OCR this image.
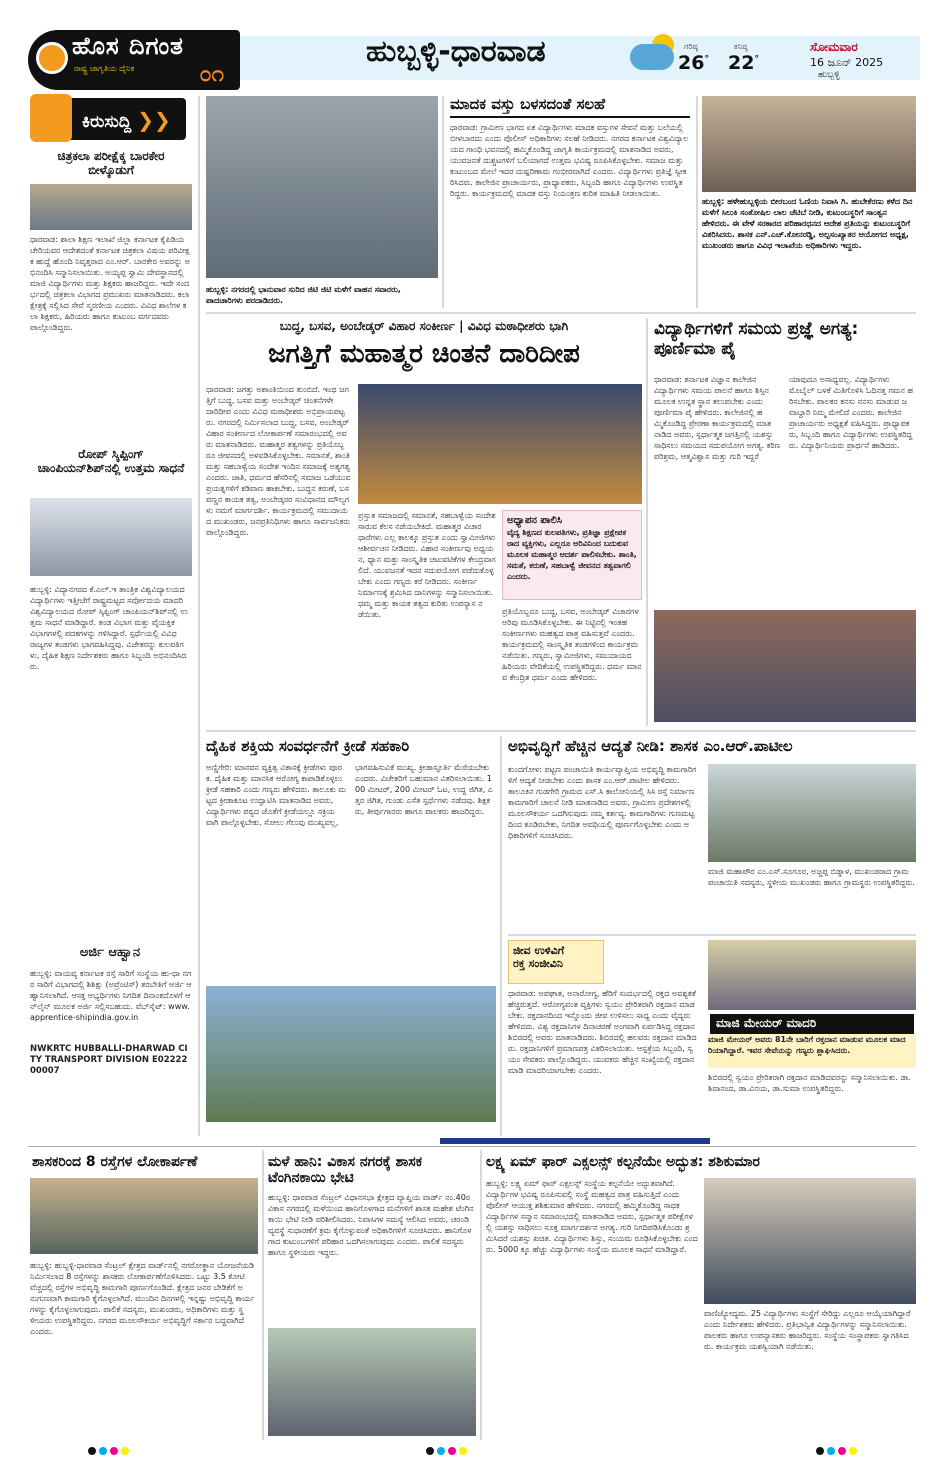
ಹೊಸ ದಿಗಂತ
ರಾಷ್ಟ್ರ ಜಾಗೃತಿಯ ದೈನಿಕ	೦೧
ಹುಬ್ಬಳ್ಳಿ-ಧಾರವಾಡ	ಗರಿಷ್ಠ
26°
ಕನಿಷ್ಠ
22°
ಸೋಮವಾರ
16 ಜೂನ್ 2025
ಹುಬ್ಬಳ್ಳಿ
ಕಿರುಸುದ್ದಿ ❯❯
ಚಿತ್ರಕಲಾ ಪರೀಕ್ಷೆಕ್ಕ ಬಾರಕೇರ ಬೀಳ್ಕೊಡುಗೆ
ಧಾರವಾಡ: ಶಾಲಾ ಶಿಕ್ಷಣ ಇಲಾಖೆ ಜಿಲ್ಲಾ ಕರ್ನಾಟಕ ಕೈಪಿಡಿಯ ಚೇರಿಯವರ ಆದೇಶದಂತೆ ಕರ್ನಾಟಕ ಚಿತ್ರಕಲಾ ವಿಷಯ ಪರಿವೀಕ್ಷಕ ಹುದ್ದೆ ಹೊಂದಿ ನಿವೃತ್ತರಾದ ಎಂ.ಆರ್. ಬಾರಕೇರ ಅವರನ್ನು ಅಭಿನಂದಿಸಿ ಸನ್ಮಾನಿಸಲಾಯಿತು. ಅಯ್ಯಪ್ಪ ಸ್ವಾಮಿ ದೇವಸ್ಥಾನದಲ್ಲಿ ಮಾಜಿ ವಿದ್ಯಾರ್ಥಿಗಳು ಮತ್ತು ಶಿಕ್ಷಕರು ಹಾಜರಿದ್ದರು. ಇದೇ ಸಂದರ್ಭದಲ್ಲಿ ಚಿತ್ರಕಲಾ ವಿಭಾಗದ ಪ್ರಮುಖರು ಮಾತನಾಡಿದರು. ಕಲಾ ಕ್ಷೇತ್ರಕ್ಕೆ ಸಲ್ಲಿಸಿದ ಸೇವೆ ಸ್ಮರಣೀಯ ಎಂದರು. ವಿವಿಧ ಶಾಲೆಗಳ ಕಲಾ ಶಿಕ್ಷಕರು, ಹಿರಿಯರು ಹಾಗೂ ಕುಟುಂಬ ವರ್ಗದವರು ಪಾಲ್ಗೊಂಡಿದ್ದರು.
ರೋಪ್ ಸ್ಕಿಪ್ಪಿಂಗ್ ಚಾಂಪಿಯನ್‌ಶಿಪ್‌ನಲ್ಲಿ ಉತ್ತಮ ಸಾಧನೆ
ಹುಬ್ಬಳ್ಳಿ: ವಿದ್ಯಾನಗರದ ಕೆ.ಎಲ್.ಇ ತಾಂತ್ರಿಕ ವಿಶ್ವವಿದ್ಯಾಲಯದ ವಿದ್ಯಾರ್ಥಿಗಳು ಇತ್ತೀಚೆಗೆ ರಾಷ್ಟ್ರಮಟ್ಟದ ಸರ್ವೋದಯ ಮಾದರಿ ವಿಶ್ವವಿದ್ಯಾಲಯದ ರೋಪ್ ಸ್ಕಿಪ್ಪಿಂಗ್ ಚಾಂಪಿಯನ್‌ಶಿಪ್‌ನಲ್ಲಿ ಉತ್ತಮ ಸಾಧನೆ ಮಾಡಿದ್ದಾರೆ. ತಂಡ ವಿಭಾಗ ಮತ್ತು ವೈಯಕ್ತಿಕ ವಿಭಾಗಗಳಲ್ಲಿ ಪದಕಗಳನ್ನು ಗಳಿಸಿದ್ದಾರೆ. ಸ್ಪರ್ಧೆಯಲ್ಲಿ ವಿವಿಧ ರಾಜ್ಯಗಳ ತಂಡಗಳು ಭಾಗವಹಿಸಿದ್ದವು. ವಿಜೇತರನ್ನು ಕುಲಪತಿಗಳು, ದೈಹಿಕ ಶಿಕ್ಷಣ ನಿರ್ದೇಶಕರು ಹಾಗೂ ಸಿಬ್ಬಂದಿ ಅಭಿನಂದಿಸಿದರು.
ಅರ್ಜಿ ಆಹ್ವಾನ
ಹುಬ್ಬಳ್ಳಿ: ವಾಯವ್ಯ ಕರ್ನಾಟಕ ರಸ್ತೆ ಸಾರಿಗೆ ಸಂಸ್ಥೆಯ ಹು-ಧಾ ನಗರ ಸಾರಿಗೆ ವಿಭಾಗದಲ್ಲಿ ಶಿಶಿಕ್ಷು (ಅಪ್ರೆಂಟಿಸ್) ತರಬೇತಿಗೆ ಅರ್ಜಿ ಆಹ್ವಾನಿಸಲಾಗಿದೆ. ಆಸಕ್ತ ಅಭ್ಯರ್ಥಿಗಳು ನಿಗದಿತ ದಿನಾಂಕದೊಳಗೆ ಆನ್‌ಲೈನ್ ಮೂಲಕ ಅರ್ಜಿ ಸಲ್ಲಿಸಬಹುದು. ವೆಬ್‌ಸೈಟ್: www.apprentice-shipindia.gov.in
NWKRTC HUBBALLI-DHARWAD CITY TRANSPORT DIVISION E0222200007
ಹುಬ್ಬಳ್ಳಿ: ನಗರದಲ್ಲಿ ಭಾನುವಾರ ಸುರಿದ ಜಿಟಿ ಜಿಟಿ ಮಳೆಗೆ ವಾಹನ ಸವಾರರು, ಪಾದಚಾರಿಗಳು ಪರದಾಡಿದರು.
ಮಾದಕ ವಸ್ತು ಬಳಸದಂತೆ ಸಲಹೆ
ಧಾರವಾಡ: ಗ್ರಾಮೀಣ ಭಾಗದ ಏಕ ವಿದ್ಯಾರ್ಥಿಗಳು ಮಾದಕ ವಸ್ತುಗಳ ಸೇವನೆ ಮತ್ತು ಬಲೆಯಲ್ಲಿ ಬೀಳಬಾರದು ಎಂದು ಪೊಲೀಸ್ ಅಧಿಕಾರಿಗಳು ಸಲಹೆ ನೀಡಿದರು. ನಗರದ ಕರ್ನಾಟಕ ವಿಶ್ವವಿದ್ಯಾಲಯದ ಗಾಂಧಿ ಭವನದಲ್ಲಿ ಹಮ್ಮಿಕೊಂಡಿದ್ದ ಜಾಗೃತಿ ಕಾರ್ಯಕ್ರಮದಲ್ಲಿ ಮಾತನಾಡಿದ ಅವರು, ಯುವಜನತೆ ದುಶ್ಚಟಗಳಿಗೆ ಬಲಿಯಾಗದೆ ಉತ್ತಮ ಭವಿಷ್ಯ ರೂಪಿಸಿಕೊಳ್ಳಬೇಕು. ಸಮಾಜ ಮತ್ತು ಕುಟುಂಬದ ಮೇಲೆ ಇದರ ದುಷ್ಪರಿಣಾಮ ಗಂಭೀರವಾಗಿದೆ ಎಂದರು. ವಿದ್ಯಾರ್ಥಿಗಳು ಪ್ರತಿಜ್ಞೆ ಸ್ವೀಕರಿಸಿದರು. ಕಾಲೇಜಿನ ಪ್ರಾಚಾರ್ಯರು, ಪ್ರಾಧ್ಯಾಪಕರು, ಸಿಬ್ಬಂದಿ ಹಾಗೂ ವಿದ್ಯಾರ್ಥಿಗಳು ಉಪಸ್ಥಿತರಿದ್ದರು. ಕಾರ್ಯಕ್ರಮದಲ್ಲಿ ಮಾದಕ ವಸ್ತು ನಿಯಂತ್ರಣ ಕುರಿತ ಮಾಹಿತಿ ನೀಡಲಾಯಿತು.
ಹುಬ್ಬಳ್ಳಿ: ಹಳೇಹುಬ್ಬಳ್ಳಿಯ ಬೀರಬಂದ ಓಣಿಯ ನಿವಾಸಿ ಗಿ. ಹುಬೇಕೆರಣು ಕಳೆದ ದಿನ ಮಳೆಗೆ ಸಿಲುಕಿ ಸಂತೋಷಿಲ ಲಾಲ ಚೆಟಿಬೆ ನೀಡಿ, ಕುಟುಂಬಸ್ಥರಿಗೆ ಸಾಂತ್ವನ ಹೇಳಿದರು. ಈ ವೇಳೆ ಸರಕಾರದ ಪರಿಹಾರಧನದ ಆದೇಶ ಪ್ರತಿಯನ್ನು ಕುಟುಂಬಸ್ಥರಿಗೆ ವಿತರಿಸಿದರು. ಶಾಸಕ ಎನ್.ಎಚ್.ಕೋನರಡ್ಡಿ, ಅಲ್ಪಸಂಖ್ಯಾತರ ಆಯೋಗದ ಅಧ್ಯಕ್ಷ, ಮುಖಂಡರು ಹಾಗೂ ವಿವಿಧ ಇಲಾಖೆಯ ಅಧಿಕಾರಿಗಳು ಇದ್ದರು.
ಬುದ್ಧ, ಬಸವ, ಅಂಬೇಡ್ಕರ್ ವಿಹಾರ ಸಂಕೀರ್ಣ | ವಿವಿಧ ಮಠಾಧೀಶರು ಭಾಗಿ
ಜಗತ್ತಿಗೆ ಮಹಾತ್ಮರ ಚಿಂತನೆ ದಾರಿದೀಪ
ಧಾರವಾಡ: ಜಗತ್ತು ಅಶಾಂತಿಯಿಂದ ತುಂಬಿದೆ. ಇಂಥ ಜಗತ್ತಿಗೆ ಬುದ್ಧ, ಬಸವ ಮತ್ತು ಅಂಬೇಡ್ಕರ್ ಚಿಂತನೆಗಳೇ ದಾರಿದೀಪ ಎಂದು ವಿವಿಧ ಮಠಾಧೀಶರು ಅಭಿಪ್ರಾಯಪಟ್ಟರು. ನಗರದಲ್ಲಿ ನಿರ್ಮಿಸಲಾದ ಬುದ್ಧ, ಬಸವ, ಅಂಬೇಡ್ಕರ್ ವಿಹಾರ ಸಂಕೀರ್ಣದ ಲೋಕಾರ್ಪಣೆ ಸಮಾರಂಭದಲ್ಲಿ ಅವರು ಮಾತನಾಡಿದರು. ಮಹಾತ್ಮರ ತತ್ವಗಳನ್ನು ಪ್ರತಿಯೊಬ್ಬರೂ ಜೀವನದಲ್ಲಿ ಅಳವಡಿಸಿಕೊಳ್ಳಬೇಕು. ಸಮಾನತೆ, ಶಾಂತಿ ಮತ್ತು ಸಹಬಾಳ್ವೆಯ ಸಂದೇಶ ಇಂದಿನ ಸಮಾಜಕ್ಕೆ ಅತ್ಯಗತ್ಯ ಎಂದರು. ಜಾತಿ, ಧರ್ಮದ ಹೆಸರಿನಲ್ಲಿ ಸಮಾಜ ಒಡೆಯುವ ಪ್ರಯತ್ನಗಳಿಗೆ ಕಡಿವಾಣ ಹಾಕಬೇಕು. ಬುದ್ಧನ ಕರುಣೆ, ಬಸವಣ್ಣನ ಕಾಯಕ ತತ್ವ, ಅಂಬೇಡ್ಕರರ ಸಂವಿಧಾನದ ಮೌಲ್ಯಗಳು ನಮಗೆ ಮಾರ್ಗದರ್ಶಿ. ಕಾರ್ಯಕ್ರಮದಲ್ಲಿ ಸಮುದಾಯದ ಮುಖಂಡರು, ಜನಪ್ರತಿನಿಧಿಗಳು ಹಾಗೂ ಸಾರ್ವಜನಿಕರು ಪಾಲ್ಗೊಂಡಿದ್ದರು.
ಪ್ರಸ್ತುತ ಸಮಾಜದಲ್ಲಿ ಸಮಾನತೆ, ಸಹಬಾಳ್ವೆಯ ಸಂದೇಶ ಸಾರುವ ಕೆಲಸ ನಡೆಯಬೇಕಿದೆ. ಮಹಾತ್ಮರ ವಿಚಾರಧಾರೆಗಳು ಎಲ್ಲ ಕಾಲಕ್ಕೂ ಪ್ರಸ್ತುತ ಎಂದು ಸ್ವಾಮೀಜಿಗಳು ಆಶೀರ್ವಚನ ನೀಡಿದರು. ವಿಹಾರ ಸಂಕೀರ್ಣವು ಅಧ್ಯಯನ, ಧ್ಯಾನ ಮತ್ತು ಸಾಂಸ್ಕೃತಿಕ ಚಟುವಟಿಕೆಗಳ ಕೇಂದ್ರವಾಗಲಿದೆ. ಯುವಜನತೆ ಇದರ ಸದುಪಯೋಗ ಪಡೆದುಕೊಳ್ಳಬೇಕು ಎಂದು ಗಣ್ಯರು ಕರೆ ನೀಡಿದರು. ಸಂಕೀರ್ಣ ನಿರ್ಮಾಣಕ್ಕೆ ಶ್ರಮಿಸಿದ ದಾನಿಗಳನ್ನು ಸನ್ಮಾನಿಸಲಾಯಿತು. ಧಮ್ಮ ಮತ್ತು ಕಾಯಕ ತತ್ವದ ಕುರಿತು ಉಪನ್ಯಾಸ ನಡೆಯಿತು.
ಅಧ್ಯಾಪನ ಪಾಲಿಸಿ
ವೈದ್ಯ ಶಿಕ್ಷಣದ ಕುಲಪತಿಗಳು, ಪ್ರತಿಜ್ಞಾ ಪ್ರಕ್ಷೇಪಕರಾದ ವ್ಯಕ್ತಿಗಳು, ಎಲ್ಲರೂ ಅರಿವಿನಿಂದ ಬದುಕುವ ಮೂಲಕ ಮಹಾತ್ಮರ ಆದರ್ಶ ಪಾಲಿಸಬೇಕು. ಶಾಂತಿ, ಸಮತೆ, ಕರುಣೆ, ಸಹಬಾಳ್ವೆ ಜೀವನದ ತತ್ವವಾಗಲಿ ಎಂದರು.
ಪ್ರತಿಯೊಬ್ಬರೂ ಬುದ್ಧ, ಬಸವ, ಅಂಬೇಡ್ಕರ್ ವಿಚಾರಗಳ ಅರಿವು ಮೂಡಿಸಿಕೊಳ್ಳಬೇಕು. ಈ ನಿಟ್ಟಿನಲ್ಲಿ ಇಂತಹ ಸಂಕೀರ್ಣಗಳು ಮಹತ್ವದ ಪಾತ್ರ ವಹಿಸುತ್ತವೆ ಎಂದರು. ಕಾರ್ಯಕ್ರಮದಲ್ಲಿ ಸಾಂಸ್ಕೃತಿಕ ತಂಡಗಳಿಂದ ಕಾರ್ಯಕ್ರಮ ನಡೆಯಿತು. ಗಣ್ಯರು, ಸ್ವಾಮೀಜಿಗಳು, ಸಮುದಾಯದ ಹಿರಿಯರು ವೇದಿಕೆಯಲ್ಲಿ ಉಪಸ್ಥಿತರಿದ್ದರು. ಧರ್ಮ ಮಾನವ ಕೇಂದ್ರಿತ ಧರ್ಮ ಎಂದು ಹೇಳಿದರು.
ವಿದ್ಯಾರ್ಥಿಗಳಿಗೆ ಸಮಯ ಪ್ರಜ್ಞೆ ಅಗತ್ಯ: ಪೂರ್ಣಿಮಾ ಪೈ
ಧಾರವಾಡ: ಕರ್ನಾಟಕ ವಿಜ್ಞಾನ ಕಾಲೇಜಿನ ವಿದ್ಯಾರ್ಥಿಗಳು ಸಮಯ ಪಾಲನೆ ಹಾಗೂ ಶಿಸ್ತಿನ ಮೂಲಕ ಉನ್ನತ ಸ್ಥಾನ ತಲುಪಬೇಕು ಎಂದು ಪೂರ್ಣಿಮಾ ಪೈ ಹೇಳಿದರು. ಕಾಲೇಜಿನಲ್ಲಿ ಹಮ್ಮಿಕೊಂಡಿದ್ದ ಪ್ರೇರಣಾ ಕಾರ್ಯಕ್ರಮದಲ್ಲಿ ಮಾತನಾಡಿದ ಅವರು, ಸ್ಪರ್ಧಾತ್ಮಕ ಜಗತ್ತಿನಲ್ಲಿ ಯಶಸ್ಸು ಸಾಧಿಸಲು ಸಮಯದ ಸದುಪಯೋಗ ಅಗತ್ಯ. ಕಠಿಣ ಪರಿಶ್ರಮ, ಆತ್ಮವಿಶ್ವಾಸ ಮತ್ತು ಗುರಿ ಇದ್ದರೆ ಯಾವುದೂ ಅಸಾಧ್ಯವಲ್ಲ. ವಿದ್ಯಾರ್ಥಿಗಳು ಮೊಬೈಲ್ ಬಳಕೆ ಮಿತಿಗೊಳಿಸಿ ಓದಿನತ್ತ ಗಮನ ಹರಿಸಬೇಕು. ಪಾಲಕರ ಕನಸು ನನಸು ಮಾಡುವ ಜವಾಬ್ದಾರಿ ನಿಮ್ಮ ಮೇಲಿದೆ ಎಂದರು. ಕಾಲೇಜಿನ ಪ್ರಾಚಾರ್ಯರು ಅಧ್ಯಕ್ಷತೆ ವಹಿಸಿದ್ದರು. ಪ್ರಾಧ್ಯಾಪಕರು, ಸಿಬ್ಬಂದಿ ಹಾಗೂ ವಿದ್ಯಾರ್ಥಿಗಳು ಉಪಸ್ಥಿತರಿದ್ದರು. ವಿದ್ಯಾರ್ಥಿನಿಯರು ಪ್ರಾರ್ಥನೆ ಹಾಡಿದರು.
ದೈಹಿಕ ಶಕ್ತಿಯ ಸಂವರ್ಧನೆಗೆ ಕ್ರೀಡೆ ಸಹಕಾರಿ
ಅಣ್ಣಿಗೇರಿ: ಮಾನವನ ವ್ಯಕ್ತಿತ್ವ ವಿಕಾಸಕ್ಕೆ ಕ್ರೀಡೆಗಳು ಪೂರಕ. ದೈಹಿಕ ಮತ್ತು ಮಾನಸಿಕ ಆರೋಗ್ಯ ಕಾಪಾಡಿಕೊಳ್ಳಲು ಕ್ರೀಡೆ ಸಹಕಾರಿ ಎಂದು ಗಣ್ಯರು ಹೇಳಿದರು. ತಾಲೂಕು ಮಟ್ಟದ ಕ್ರೀಡಾಕೂಟ ಉದ್ಘಾಟಿಸಿ ಮಾತನಾಡಿದ ಅವರು, ವಿದ್ಯಾರ್ಥಿಗಳು ಪಠ್ಯದ ಜೊತೆಗೆ ಕ್ರೀಡೆಯಲ್ಲೂ ಸಕ್ರಿಯವಾಗಿ ಪಾಲ್ಗೊಳ್ಳಬೇಕು. ಸೋಲು ಗೆಲುವು ಮುಖ್ಯವಲ್ಲ, ಭಾಗವಹಿಸುವಿಕೆ ಮುಖ್ಯ. ಕ್ರೀಡಾಸ್ಫೂರ್ತಿ ಮೆರೆಯಬೇಕು ಎಂದರು. ವಿಜೇತರಿಗೆ ಬಹುಮಾನ ವಿತರಿಸಲಾಯಿತು. 100 ಮೀಟರ್, 200 ಮೀಟರ್ ಓಟ, ಉದ್ದ ಜಿಗಿತ, ಎತ್ತರ ಜಿಗಿತ, ಗುಂಡು ಎಸೆತ ಸ್ಪರ್ಧೆಗಳು ನಡೆದವು. ಶಿಕ್ಷಕರು, ತೀರ್ಪುಗಾರರು ಹಾಗೂ ಪಾಲಕರು ಹಾಜರಿದ್ದರು.
ಅಭಿವೃದ್ಧಿಗೆ ಹೆಚ್ಚಿನ ಆದ್ಯತೆ ನೀಡಿ: ಶಾಸಕ ಎಂ.ಆರ್.ಪಾಟೀಲ
ಕುಂದಗೋಳ: ಪಟ್ಟಣ ಪಂಚಾಯಿತಿ ಕಾರ್ಯವ್ಯಾಪ್ತಿಯ ಅಭಿವೃದ್ಧಿ ಕಾಮಗಾರಿಗಳಿಗೆ ಆದ್ಯತೆ ನೀಡಬೇಕು ಎಂದು ಶಾಸಕ ಎಂ.ಆರ್.ಪಾಟೀಲ ಹೇಳಿದರು. ತಾಲೂಕಿನ ಗುಡಗೇರಿ ಗ್ರಾಮದ ಎಸ್.ಸಿ ಕಾಲೋನಿಯಲ್ಲಿ ಸಿಸಿ ರಸ್ತೆ ನಿರ್ಮಾಣ ಕಾಮಗಾರಿಗೆ ಚಾಲನೆ ನೀಡಿ ಮಾತನಾಡಿದ ಅವರು, ಗ್ರಾಮೀಣ ಪ್ರದೇಶಗಳಲ್ಲಿ ಮೂಲಸೌಕರ್ಯ ಒದಗಿಸುವುದು ನಮ್ಮ ಕರ್ತವ್ಯ. ಕಾಮಗಾರಿಗಳು ಗುಣಮಟ್ಟದಿಂದ ಕೂಡಿರಬೇಕು, ನಿಗದಿತ ಅವಧಿಯಲ್ಲಿ ಪೂರ್ಣಗೊಳ್ಳಬೇಕು ಎಂದು ಅಧಿಕಾರಿಗಳಿಗೆ ಸೂಚಿಸಿದರು.
ಮಾಜಿ ಮಹಾಪೌರ ಎಂ.ಎಸ್.ಸೂಗೂರ, ಅಜ್ಜಪ್ಪ ಬಿಡ್ನಾಳ, ಮುಖಂಡರಾದ ಗ್ರಾಮ ಪಂಚಾಯಿತಿ ಸದಸ್ಯರು, ಸ್ಥಳೀಯ ಮುಖಂಡರು ಹಾಗೂ ಗ್ರಾಮಸ್ಥರು ಉಪಸ್ಥಿತರಿದ್ದರು.
ಜೀವ ಉಳಿವಿಗೆ
ರಕ್ತ ಸಂಜೀವಿನಿ
ಧಾರವಾಡ: ಅಪಘಾತ, ಅನಾರೋಗ್ಯ, ಹೆರಿಗೆ ಸಂದರ್ಭದಲ್ಲಿ ರಕ್ತದ ಅವಶ್ಯಕತೆ ಹೆಚ್ಚಿರುತ್ತದೆ. ಆರೋಗ್ಯವಂತ ವ್ಯಕ್ತಿಗಳು ಸ್ವಯಂ ಪ್ರೇರಿತರಾಗಿ ರಕ್ತದಾನ ಮಾಡಬೇಕು. ರಕ್ತದಾನದಿಂದ ಇನ್ನೊಂದು ಜೀವ ಉಳಿಸಲು ಸಾಧ್ಯ ಎಂದು ವೈದ್ಯರು ಹೇಳಿದರು. ವಿಶ್ವ ರಕ್ತದಾನಿಗಳ ದಿನಾಚರಣೆ ಅಂಗವಾಗಿ ಏರ್ಪಡಿಸಿದ್ದ ರಕ್ತದಾನ ಶಿಬಿರದಲ್ಲಿ ಅವರು ಮಾತನಾಡಿದರು. ಶಿಬಿರದಲ್ಲಿ ಹಲವರು ರಕ್ತದಾನ ಮಾಡಿದರು. ರಕ್ತದಾನಿಗಳಿಗೆ ಪ್ರಮಾಣಪತ್ರ ವಿತರಿಸಲಾಯಿತು. ಆಸ್ಪತ್ರೆಯ ಸಿಬ್ಬಂದಿ, ಸ್ವಯಂ ಸೇವಕರು ಪಾಲ್ಗೊಂಡಿದ್ದರು. ಯುವಕರು ಹೆಚ್ಚಿನ ಸಂಖ್ಯೆಯಲ್ಲಿ ರಕ್ತದಾನ ಮಾಡಿ ಮಾದರಿಯಾಗಬೇಕು ಎಂದರು.
ಮಾಜಿ ಮೇಯರ್ ಮಾದರಿ
ಮಾಜಿ ಮೇಯರ್ ಅವರು 81ನೇ ಬಾರಿಗೆ ರಕ್ತದಾನ ಮಾಡುವ ಮೂಲಕ ಮಾದರಿಯಾಗಿದ್ದಾರೆ. ಇವರ ಸೇವೆಯನ್ನು ಗಣ್ಯರು ಶ್ಲಾಘಿಸಿದರು.
ಶಿಬಿರದಲ್ಲಿ ಸ್ವಯಂ ಪ್ರೇರಿತರಾಗಿ ರಕ್ತದಾನ ಮಾಡಿದವರನ್ನು ಸನ್ಮಾನಿಸಲಾಯಿತು. ಡಾ.ಶಿವಾನಂದ, ಡಾ.ವಿನಯ, ಡಾ.ಸುಮಾ ಉಪಸ್ಥಿತರಿದ್ದರು.
ಶಾಸಕರಿಂದ 8 ರಸ್ತೆಗಳ ಲೋಕಾರ್ಪಣೆ
ಹುಬ್ಬಳ್ಳಿ: ಹುಬ್ಬಳ್ಳಿ-ಧಾರವಾಡ ಸೆಂಟ್ರಲ್ ಕ್ಷೇತ್ರದ ವಾರ್ಡ್‌ನಲ್ಲಿ ನಗರೋತ್ಥಾನ ಯೋಜನೆಯಡಿ ನಿರ್ಮಿಸಲಾದ 8 ರಸ್ತೆಗಳನ್ನು ಶಾಸಕರು ಲೋಕಾರ್ಪಣೆಗೊಳಿಸಿದರು. ಒಟ್ಟು 3.5 ಕೋಟಿ ವೆಚ್ಚದಲ್ಲಿ ರಸ್ತೆಗಳ ಅಭಿವೃದ್ಧಿ ಕಾಮಗಾರಿ ಪೂರ್ಣಗೊಂಡಿದೆ. ಕ್ಷೇತ್ರದ ಜನರ ಬೇಡಿಕೆಗೆ ಅನುಗುಣವಾಗಿ ಕಾಮಗಾರಿ ಕೈಗೊಳ್ಳಲಾಗಿದೆ. ಮುಂದಿನ ದಿನಗಳಲ್ಲಿ ಇನ್ನಷ್ಟು ಅಭಿವೃದ್ಧಿ ಕಾರ್ಯಗಳನ್ನು ಕೈಗೊಳ್ಳಲಾಗುವುದು. ಪಾಲಿಕೆ ಸದಸ್ಯರು, ಮುಖಂಡರು, ಅಧಿಕಾರಿಗಳು ಮತ್ತು ಸ್ಥಳೀಯರು ಉಪಸ್ಥಿತರಿದ್ದರು. ನಗರದ ಮೂಲಸೌಕರ್ಯ ಅಭಿವೃದ್ಧಿಗೆ ಸರ್ಕಾರ ಬದ್ಧವಾಗಿದೆ ಎಂದರು.
ಮಳೆ ಹಾನಿ: ವಿಕಾಸ ನಗರಕ್ಕೆ ಶಾಸಕ ಟೆಂಗಿನಕಾಯಿ ಭೇಟಿ
ಹುಬ್ಬಳ್ಳಿ: ಧಾರವಾಡ ಸೆಂಟ್ರಲ್ ವಿಧಾನಸಭಾ ಕ್ಷೇತ್ರದ ವ್ಯಾಪ್ತಿಯ ವಾರ್ಡ್ ನಂ.40ರ ವಿಕಾಸ ನಗರದಲ್ಲಿ ಮಳೆಯಿಂದ ಹಾನಿಗೊಳಗಾದ ಮನೆಗಳಿಗೆ ಶಾಸಕ ಮಹೇಶ ಟೆಂಗಿನಕಾಯಿ ಭೇಟಿ ನೀಡಿ ಪರಿಶೀಲಿಸಿದರು. ನಿವಾಸಿಗಳ ಸಮಸ್ಯೆ ಆಲಿಸಿದ ಅವರು, ಚರಂಡಿ ವ್ಯವಸ್ಥೆ ಸುಧಾರಣೆಗೆ ಕ್ರಮ ಕೈಗೊಳ್ಳುವಂತೆ ಅಧಿಕಾರಿಗಳಿಗೆ ಸೂಚಿಸಿದರು. ಹಾನಿಗೊಳಗಾದ ಕುಟುಂಬಗಳಿಗೆ ಪರಿಹಾರ ಒದಗಿಸಲಾಗುವುದು ಎಂದರು. ಪಾಲಿಕೆ ಸದಸ್ಯರು ಹಾಗೂ ಸ್ಥಳೀಯರು ಇದ್ದರು.
ಲಕ್ಷ್ಯ ಏಮ್ ಫಾರ್ ಎಕ್ಸಲನ್ಸ್ ಕಲ್ಪನೆಯೇ ಅದ್ಭುತ: ಶಶಿಕುಮಾರ
ಹುಬ್ಬಳ್ಳಿ: ಲಕ್ಷ್ಯ ಏಮ್ ಫಾರ್ ಎಕ್ಸಲನ್ಸ್ ಸಂಸ್ಥೆಯ ಕಲ್ಪನೆಯೇ ಅದ್ಭುತವಾಗಿದೆ. ವಿದ್ಯಾರ್ಥಿಗಳ ಭವಿಷ್ಯ ರೂಪಿಸುವಲ್ಲಿ ಸಂಸ್ಥೆ ಮಹತ್ವದ ಪಾತ್ರ ವಹಿಸುತ್ತಿದೆ ಎಂದು ಪೊಲೀಸ್ ಆಯುಕ್ತ ಶಶಿಕುಮಾರ ಹೇಳಿದರು. ನಗರದಲ್ಲಿ ಹಮ್ಮಿಕೊಂಡಿದ್ದ ಸಾಧಕ ವಿದ್ಯಾರ್ಥಿಗಳ ಸನ್ಮಾನ ಸಮಾರಂಭದಲ್ಲಿ ಮಾತನಾಡಿದ ಅವರು, ಸ್ಪರ್ಧಾತ್ಮಕ ಪರೀಕ್ಷೆಗಳಲ್ಲಿ ಯಶಸ್ಸು ಸಾಧಿಸಲು ಸೂಕ್ತ ಮಾರ್ಗದರ್ಶನ ಅಗತ್ಯ. ಗುರಿ ನಿಗದಿಪಡಿಸಿಕೊಂಡು ಶ್ರಮಿಸಿದರೆ ಯಶಸ್ಸು ಖಚಿತ. ವಿದ್ಯಾರ್ಥಿಗಳು ಶಿಸ್ತು, ಸಂಯಮ ರೂಢಿಸಿಕೊಳ್ಳಬೇಕು ಎಂದರು. 5000 ಕ್ಕೂ ಹೆಚ್ಚು ವಿದ್ಯಾರ್ಥಿಗಳು ಸಂಸ್ಥೆಯ ಮೂಲಕ ಸಾಧನೆ ಮಾಡಿದ್ದಾರೆ.
ವಾಣಿಜ್ಯೋದ್ಯಮ. 25 ವಿದ್ಯಾರ್ಥಿಗಳು ಸಂಸ್ಥೆಗೆ ಸೇರಿದ್ದು ಎಲ್ಲರೂ ಆಯ್ಕೆಯಾಗಿದ್ದಾರೆ ಎಂದು ನಿರ್ದೇಶಕರು ಹೇಳಿದರು. ಪ್ರತಿಭಾನ್ವಿತ ವಿದ್ಯಾರ್ಥಿಗಳನ್ನು ಸನ್ಮಾನಿಸಲಾಯಿತು. ಪಾಲಕರು ಹಾಗೂ ಉಪನ್ಯಾಸಕರು ಹಾಜರಿದ್ದರು. ಸಂಸ್ಥೆಯ ಸಂಸ್ಥಾಪಕರು ಸ್ವಾಗತಿಸಿದರು. ಕಾರ್ಯಕ್ರಮ ಯಶಸ್ವಿಯಾಗಿ ನಡೆಯಿತು.
